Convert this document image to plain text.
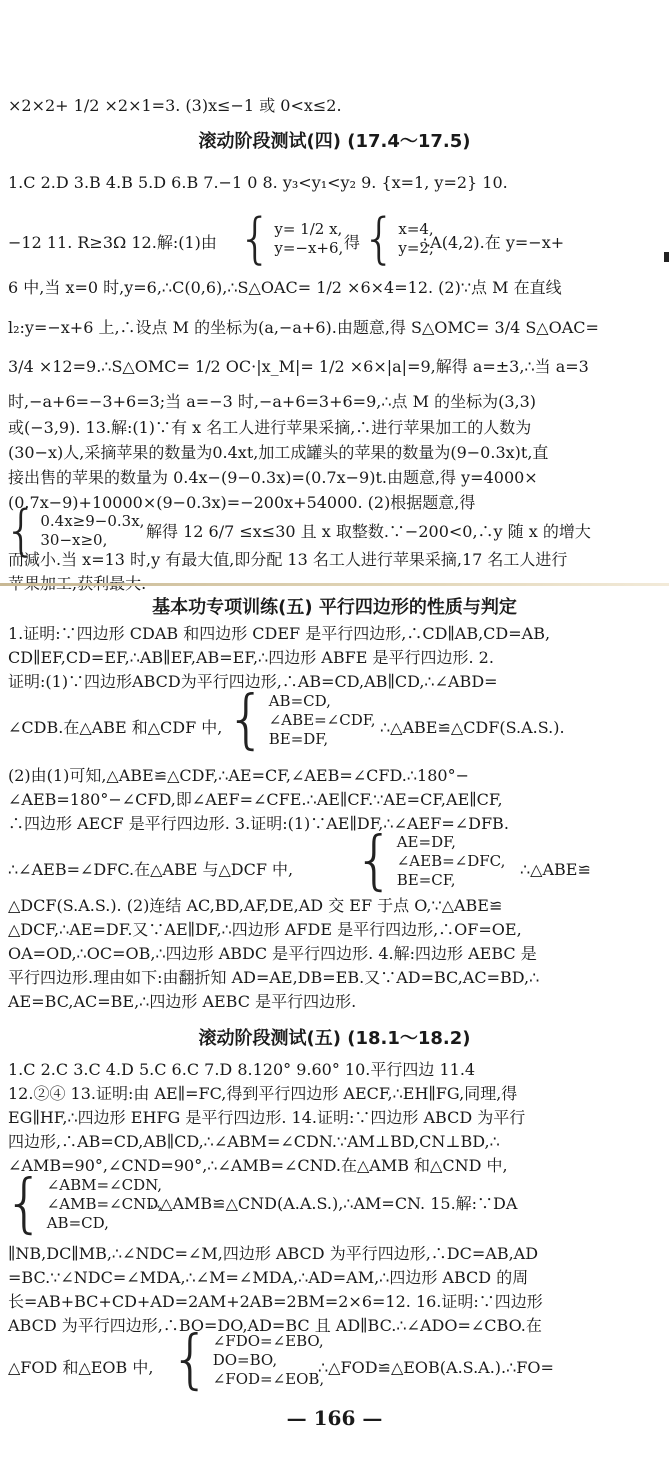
×2×2+ 1/2 ×2×1=3. (3)x≤−1 或 0<x≤2.
滚动阶段测试(四) (17.4～17.5)
1.C 2.D 3.B 4.B 5.D 6.B 7.−1 0 8. y₃<y₁<y₂ 9. {x=1, y=2} 10.
−12 11. R≥3Ω 12.解:(1)由 { y= 1/2 x,
y=−x+6, 得 { x=4,
y=2,
∴A(4,2).在 y=−x+
6 中,当 x=0 时,y=6,∴C(0,6),∴S△OAC= 1/2 ×6×4=12. (2)∵点 M 在直线
l₂:y=−x+6 上,∴设点 M 的坐标为(a,−a+6).由题意,得 S△OMC= 3/4 S△OAC=
3/4 ×12=9.∴S△OMC= 1/2 OC·|x_M|= 1/2 ×6×|a|=9,解得 a=±3,∴当 a=3
时,−a+6=−3+6=3;当 a=−3 时,−a+6=3+6=9,∴点 M 的坐标为(3,3)
或(−3,9). 13.解:(1)∵有 x 名工人进行苹果采摘,∴进行苹果加工的人数为
(30−x)人,采摘苹果的数量为0.4xt,加工成罐头的苹果的数量为(9−0.3x)t,直
接出售的苹果的数量为 0.4x−(9−0.3x)=(0.7x−9)t.由题意,得 y=4000×
(0.7x−9)+10000×(9−0.3x)=−200x+54000. (2)根据题意,得
{ 0.4x≥9−0.3x,
30−x≥0,	解得 12 6/7 ≤x≤30 且 x 取整数.∵−200<0,∴y 随 x 的增大
而减小.当 x=13 时,y 有最大值,即分配 13 名工人进行苹果采摘,17 名工人进行
基本功专项训练(五) 平行四边形的性质与判定
1.证明:∵四边形 CDAB 和四边形 CDEF 是平行四边形,∴CD∥AB,CD=AB,
CD∥EF,CD=EF,∴AB∥EF,AB=EF,∴四边形 ABFE 是平行四边形. 2.
证明:(1)∵四边形ABCD为平行四边形,∴AB=CD,AB∥CD,∴∠ABD=
∠CDB.在△ABE 和△CDF 中, { AB=CD,
∠ABE=∠CDF,
BE=DF,
∴△ABE≌△CDF(S.A.S.).
(2)由(1)可知,△ABE≌△CDF,∴AE=CF,∠AEB=∠CFD.∴180°−
∠AEB=180°−∠CFD,即∠AEF=∠CFE.∴AE∥CF.∵AE=CF,AE∥CF,
∴四边形 AECF 是平行四边形. 3.证明:(1)∵AE∥DF,∴∠AEF=∠DFB.
∴∠AEB=∠DFC.在△ABE 与△DCF 中, { AE=DF,
∠AEB=∠DFC,
BE=CF,
∴△ABE≌
△DCF(S.A.S.). (2)连结 AC,BD,AF,DE,AD 交 EF 于点 O,∵△ABE≌
△DCF,∴AE=DF.又∵AE∥DF,∴四边形 AFDE 是平行四边形,∴OF=OE,
OA=OD,∴OC=OB,∴四边形 ABDC 是平行四边形. 4.解:四边形 AEBC 是
平行四边形.理由如下:由翻折知 AD=AE,DB=EB.又∵AD=BC,AC=BD,∴
AE=BC,AC=BE,∴四边形 AEBC 是平行四边形.
滚动阶段测试(五) (18.1～18.2)
1.C 2.C 3.C 4.D 5.C 6.C 7.D 8.120° 9.60° 10.平行四边 11.4
12.②④ 13.证明:由 AE∥=FC,得到平行四边形 AECF,∴EH∥FG,同理,得
EG∥HF,∴四边形 EHFG 是平行四边形. 14.证明:∵四边形 ABCD 为平行
四边形,∴AB=CD,AB∥CD,∴∠ABM=∠CDN.∵AM⊥BD,CN⊥BD,∴
∠AMB=90°,∠CND=90°,∴∠AMB=∠CND.在△AMB 和△CND 中,
{ ∠ABM=∠CDN,
∠AMB=∠CND,
AB=CD,
∴△AMB≌△CND(A.A.S.),∴AM=CN. 15.解:∵DA
∥NB,DC∥MB,∴∠NDC=∠M,四边形 ABCD 为平行四边形,∴DC=AB,AD
=BC.∵∠NDC=∠MDA,∴∠M=∠MDA,∴AD=AM,∴四边形 ABCD 的周
长=AB+BC+CD+AD=2AM+2AB=2BM=2×6=12. 16.证明:∵四边形
ABCD 为平行四边形,∴BO=DO,AD=BC 且 AD∥BC.∴∠ADO=∠CBO.在
△FOD 和△EOB 中, { ∠FDO=∠EBO,
DO=BO,
∠FOD=∠EOB,
∴△FOD≌△EOB(A.S.A.).∴FO=
— 166 —
